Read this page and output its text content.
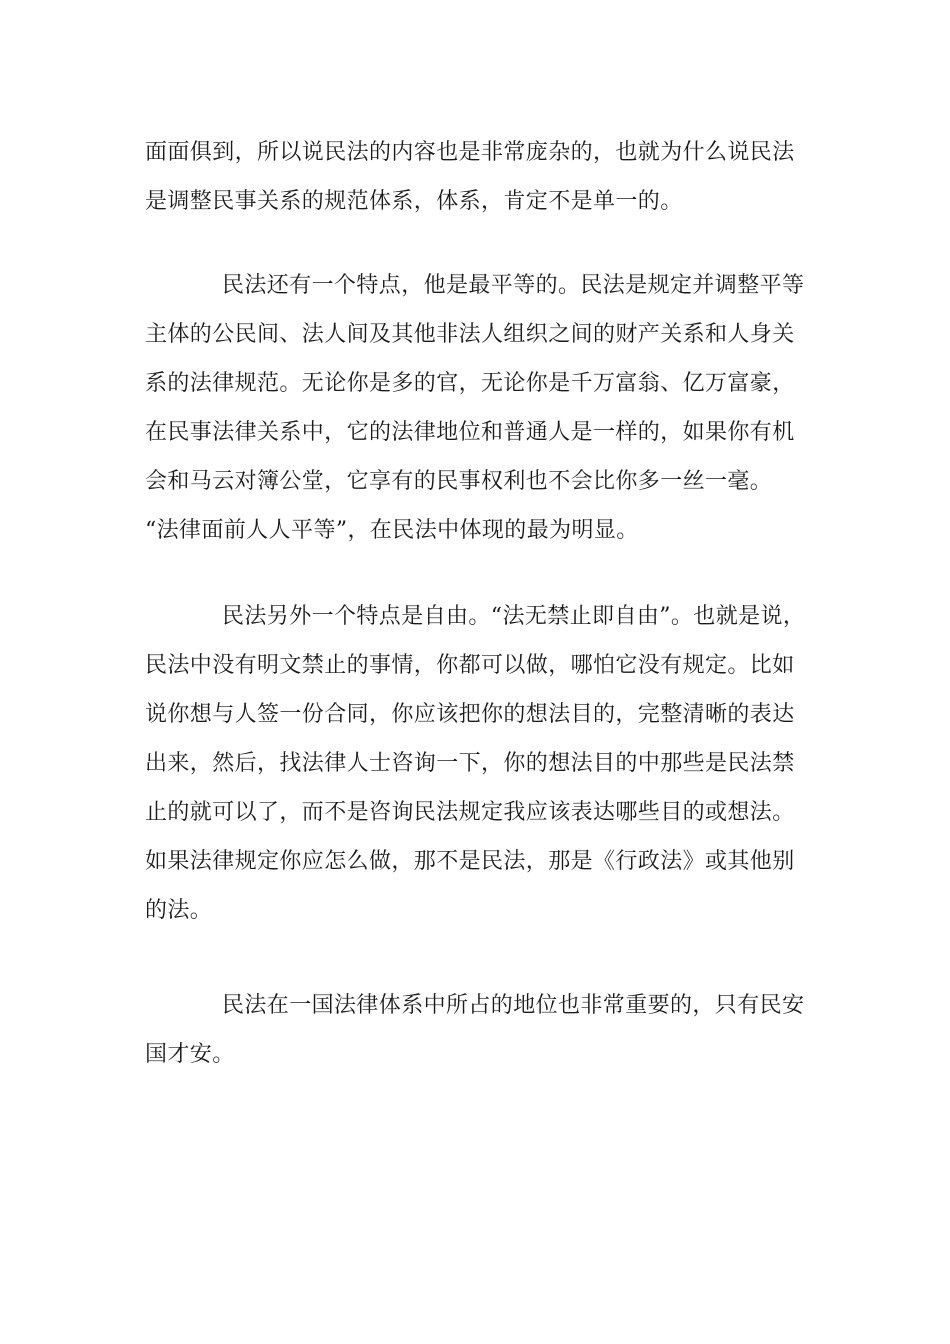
面面俱到，所以说民法的内容也是非常庞杂的，也就为什么说民法
是调整民事关系的规范体系，体系，肯定不是单一的。
民法还有一个特点，他是最平等的。民法是规定并调整平等
主体的公民间、法人间及其他非法人组织之间的财产关系和人身关
系的法律规范。无论你是多的官，无论你是千万富翁、亿万富豪，
在民事法律关系中，它的法律地位和普通人是一样的，如果你有机
会和马云对簿公堂，它享有的民事权利也不会比你多一丝一毫。
“法律面前人人平等”，在民法中体现的最为明显。
民法另外一个特点是自由。“法无禁止即自由”。也就是说，
民法中没有明文禁止的事情，你都可以做，哪怕它没有规定。比如
说你想与人签一份合同，你应该把你的想法目的，完整清晰的表达
出来，然后，找法律人士咨询一下，你的想法目的中那些是民法禁
止的就可以了，而不是咨询民法规定我应该表达哪些目的或想法。
如果法律规定你应怎么做，那不是民法，那是《行政法》或其他别
的法。
民法在一国法律体系中所占的地位也非常重要的，只有民安
国才安。
